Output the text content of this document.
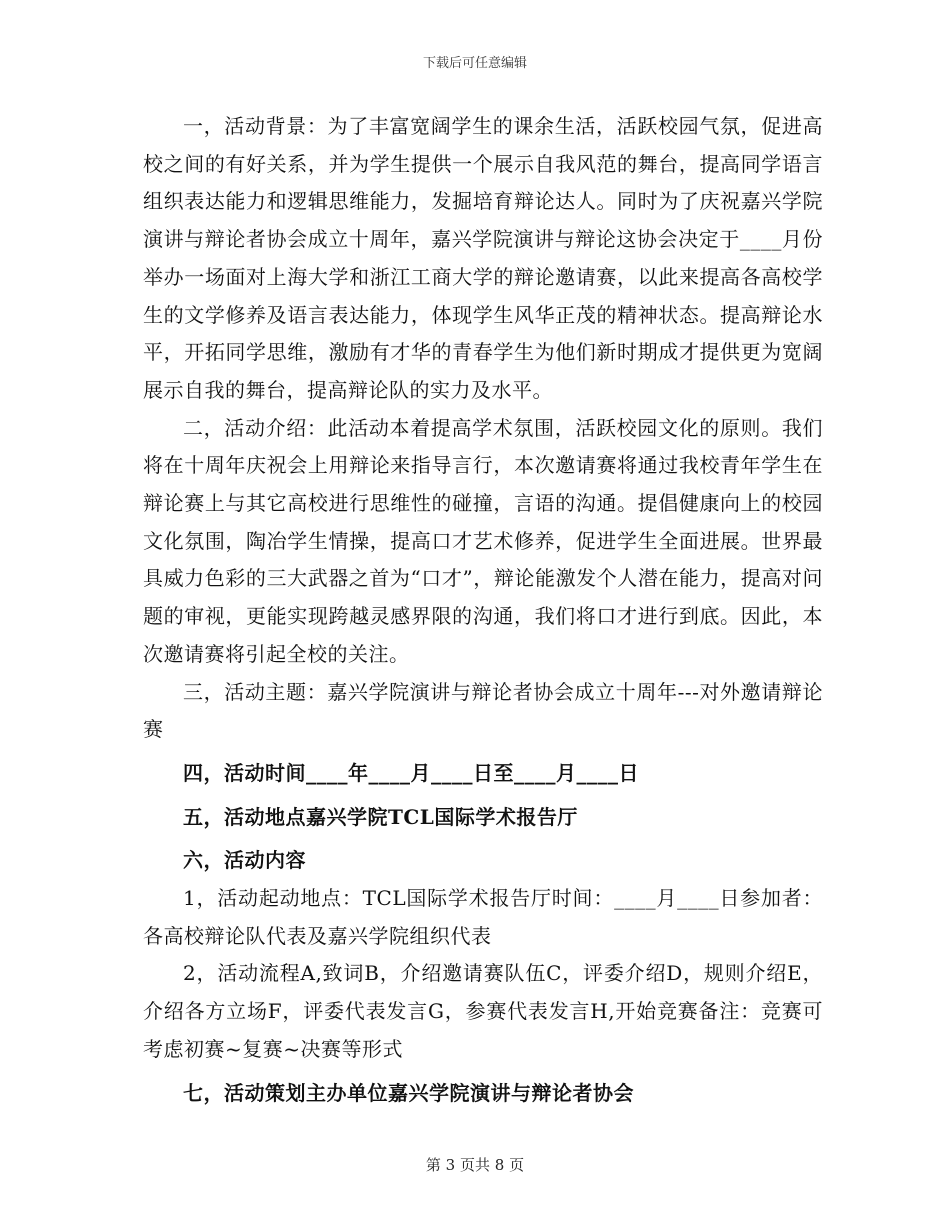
下载后可任意编辑

一，活动背景：为了丰富宽阔学生的课余生活，活跃校园气氛，促进高校之间的有好关系，并为学生提供一个展示自我风范的舞台，提高同学语言组织表达能力和逻辑思维能力，发掘培育辩论达人。同时为了庆祝嘉兴学院演讲与辩论者协会成立十周年，嘉兴学院演讲与辩论这协会决定于____月份举办一场面对上海大学和浙江工商大学的辩论邀请赛，以此来提高各高校学生的文学修养及语言表达能力，体现学生风华正茂的精神状态。提高辩论水平，开拓同学思维，激励有才华的青春学生为他们新时期成才提供更为宽阔展示自我的舞台，提高辩论队的实力及水平。

二，活动介绍：此活动本着提高学术氛围，活跃校园文化的原则。我们将在十周年庆祝会上用辩论来指导言行，本次邀请赛将通过我校青年学生在辩论赛上与其它高校进行思维性的碰撞，言语的沟通。提倡健康向上的校园文化氛围，陶冶学生情操，提高口才艺术修养，促进学生全面进展。世界最具威力色彩的三大武器之首为“口才”，辩论能激发个人潜在能力，提高对问题的审视，更能实现跨越灵感界限的沟通，我们将口才进行到底。因此，本次邀请赛将引起全校的关注。

三，活动主题：嘉兴学院演讲与辩论者协会成立十周年---对外邀请辩论赛

四，活动时间____年____月____日至____月____日

五，活动地点嘉兴学院TCL国际学术报告厅

六，活动内容

1，活动起动地点：TCL国际学术报告厅时间：____月____日参加者：各高校辩论队代表及嘉兴学院组织代表

2，活动流程A,致词B，介绍邀请赛队伍C，评委介绍D，规则介绍E，介绍各方立场F，评委代表发言G，参赛代表发言H,开始竞赛备注：竞赛可考虑初赛~复赛~决赛等形式

七，活动策划主办单位嘉兴学院演讲与辩论者协会

第 3 页共 8 页
